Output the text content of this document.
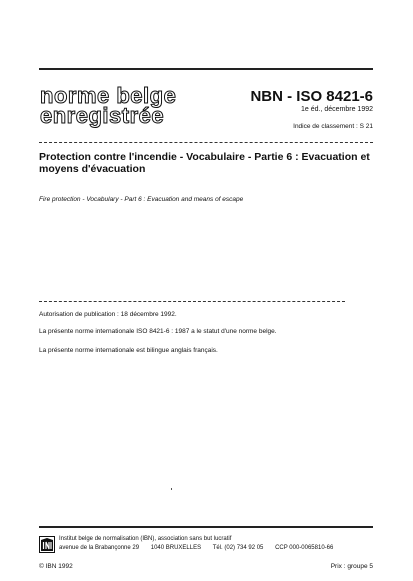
norme belge
enregistrée
NBN - ISO 8421-6
1e éd., décembre 1992
Indice de classement : S 21
Protection contre l'incendie - Vocabulaire - Partie 6 : Evacuation et moyens d'évacuation
Fire protection - Vocabulary - Part 6 : Evacuation and means of escape
Autorisation de publication : 18 décembre 1992.
La présente norme internationale ISO 8421-6 : 1987 a le statut d'une norme belge.
La présente norme internationale est bilingue anglais français.
Institut belge de normalisation (IBN), association sans but lucratif
avenue de la Brabançonne 29 1040 BRUXELLES Tél. (02) 734 92 05 CCP 000-0065810-66
© IBN 1992	Prix : groupe 5
